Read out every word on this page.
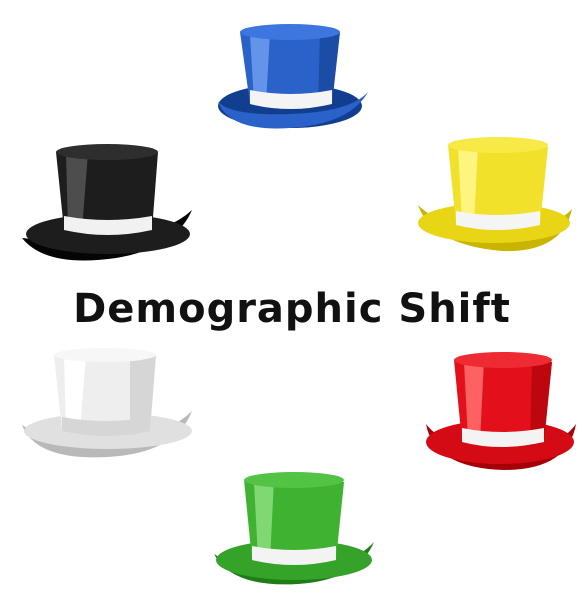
Demographic Shift
